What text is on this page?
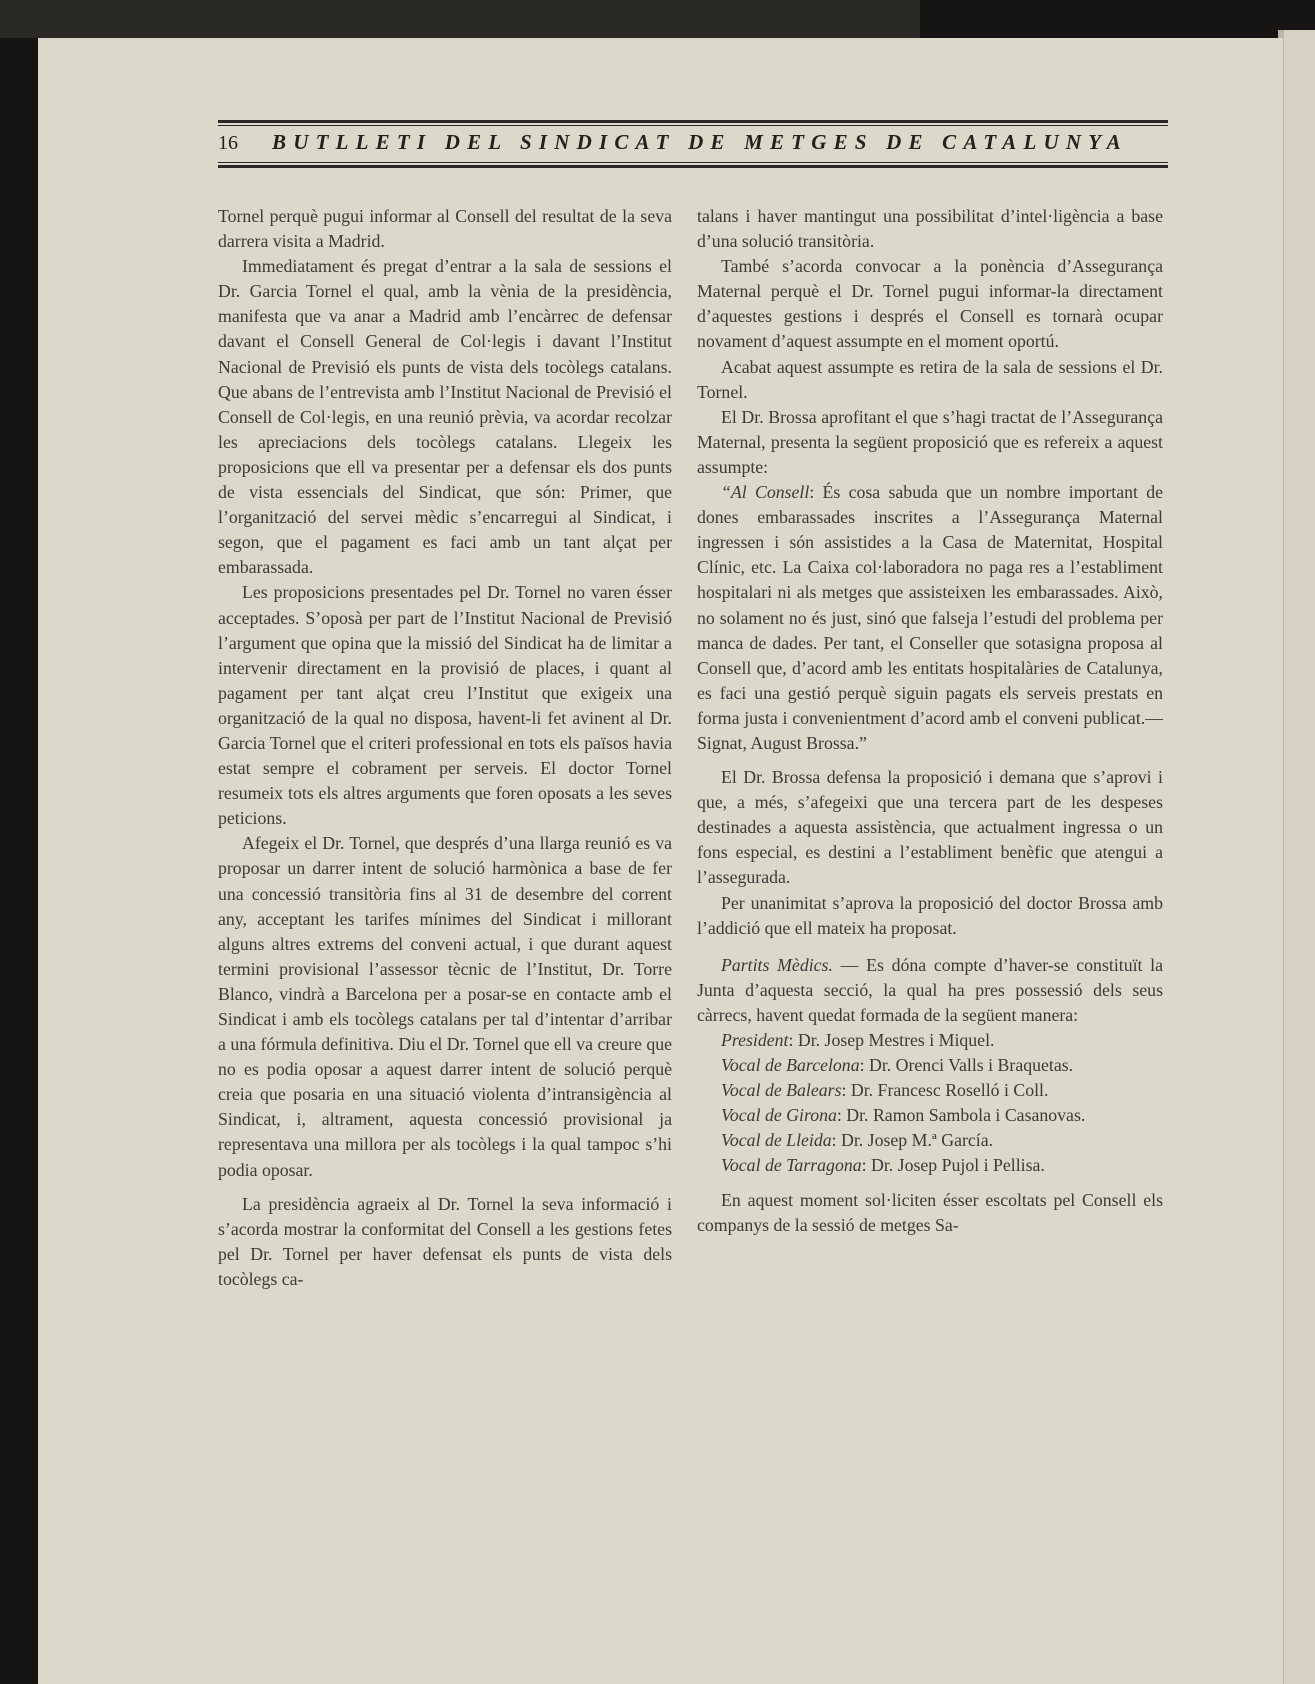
16 BUTLLETI DEL SINDICAT DE METGES DE CATALUNYA

Tornel perquè pugui informar al Consell del resultat de la seva darrera visita a Madrid.

Immediatament és pregat d’entrar a la sala de sessions el Dr. Garcia Tornel el qual, amb la vènia de la presidència, manifesta que va anar a Madrid amb l’encàrrec de defensar davant el Consell General de Col·legis i davant l’Institut Nacional de Previsió els punts de vista dels tocòlegs catalans. Que abans de l’entrevista amb l’Institut Nacional de Previsió el Consell de Col·legis, en una reunió prèvia, va acordar recolzar les apreciacions dels tocòlegs catalans. Llegeix les proposicions que ell va presentar per a defensar els dos punts de vista essencials del Sindicat, que són: Primer, que l’organització del servei mèdic s’encarregui al Sindicat, i segon, que el pagament es faci amb un tant alçat per embarassada.

Les proposicions presentades pel Dr. Tornel no varen ésser acceptades. S’oposà per part de l’Institut Nacional de Previsió l’argument que opina que la missió del Sindicat ha de limitar a intervenir directament en la provisió de places, i quant al pagament per tant alçat creu l’Institut que exigeix una organització de la qual no disposa, havent-li fet avinent al Dr. Garcia Tornel que el criteri professional en tots els països havia estat sempre el cobrament per serveis. El doctor Tornel resumeix tots els altres arguments que foren oposats a les seves peticions.

Afegeix el Dr. Tornel, que després d’una llarga reunió es va proposar un darrer intent de solució harmònica a base de fer una concessió transitòria fins al 31 de desembre del corrent any, acceptant les tarifes mínimes del Sindicat i millorant alguns altres extrems del conveni actual, i que durant aquest termini provisional l’assessor tècnic de l’Institut, Dr. Torre Blanco, vindrà a Barcelona per a posar-se en contacte amb el Sindicat i amb els tocòlegs catalans per tal d’intentar d’arribar a una fórmula definitiva. Diu el Dr. Tornel que ell va creure que no es podia oposar a aquest darrer intent de solució perquè creia que posaria en una situació violenta d’intransigència al Sindicat, i, altrament, aquesta concessió provisional ja representava una millora per als tocòlegs i la qual tampoc s’hi podia oposar.

La presidència agraeix al Dr. Tornel la seva informació i s’acorda mostrar la conformitat del Consell a les gestions fetes pel Dr. Tornel per haver defensat els punts de vista dels tocòlegs ca-

talans i haver mantingut una possibilitat d’intel·ligència a base d’una solució transitòria.

També s’acorda convocar a la ponència d’Assegurança Maternal perquè el Dr. Tornel pugui informar-la directament d’aquestes gestions i després el Consell es tornarà ocupar novament d’aquest assumpte en el moment oportú.

Acabat aquest assumpte es retira de la sala de sessions el Dr. Tornel.

El Dr. Brossa aprofitant el que s’hagi tractat de l’Assegurança Maternal, presenta la següent proposició que es refereix a aquest assumpte:

“Al Consell: És cosa sabuda que un nombre important de dones embarassades inscrites a l’Assegurança Maternal ingressen i són assistides a la Casa de Maternitat, Hospital Clínic, etc. La Caixa col·laboradora no paga res a l’establiment hospitalari ni als metges que assisteixen les embarassades. Això, no solament no és just, sinó que falseja l’estudi del problema per manca de dades. Per tant, el Conseller que sotasigna proposa al Consell que, d’acord amb les entitats hospitalàries de Catalunya, es faci una gestió perquè siguin pagats els serveis prestats en forma justa i convenientment d’acord amb el conveni publicat.—Signat, August Brossa.”

El Dr. Brossa defensa la proposició i demana que s’aprovi i que, a més, s’afegeixi que una tercera part de les despeses destinades a aquesta assistència, que actualment ingressa o un fons especial, es destini a l’establiment benèfic que atengui a l’assegurada.

Per unanimitat s’aprova la proposició del doctor Brossa amb l’addició que ell mateix ha proposat.

Partits Mèdics. — Es dóna compte d’haver-se constituït la Junta d’aquesta secció, la qual ha pres possessió dels seus càrrecs, havent quedat formada de la següent manera:

President: Dr. Josep Mestres i Miquel.

Vocal de Barcelona: Dr. Orenci Valls i Braquetas.

Vocal de Balears: Dr. Francesc Roselló i Coll.

Vocal de Girona: Dr. Ramon Sambola i Casanovas.

Vocal de Lleida: Dr. Josep M.ª García.

Vocal de Tarragona: Dr. Josep Pujol i Pellisa.

En aquest moment sol·liciten ésser escoltats pel Consell els companys de la sessió de metges Sa-
